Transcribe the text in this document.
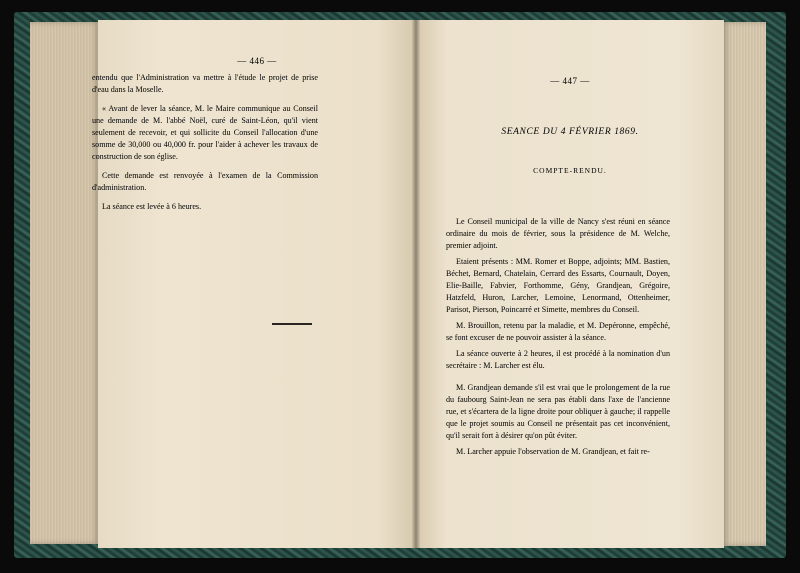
— 446 —

entendu que l'Administration va mettre à l'étude le projet de prise d'eau dans la Moselle.

« Avant de lever la séance, M. le Maire communique au Conseil une demande de M. l'abbé Noël, curé de Saint-Léon, qu'il vient seulement de recevoir, et qui sollicite du Conseil l'allocation d'une somme de 30,000 ou 40,000 fr. pour l'aider à achever les travaux de construction de son église.

Cette demande est renvoyée à l'examen de la Commission d'administration.

La séance est levée à 6 heures.

— 447 —
SEANCE DU 4 FÉVRIER 1869.
COMPTE-RENDU.

Le Conseil municipal de la ville de Nancy s'est réuni en séance ordinaire du mois de février, sous la présidence de M. Welche, premier adjoint.

Etaient présents : MM. Romer et Boppe, adjoints; MM. Bastien, Béchet, Bernard, Chatelain, Cerrard des Essarts, Cournault, Doyen, Elie-Baille, Fabvier, Forthomme, Gény, Grandjean, Grégoire, Hatzfeld, Huron, Larcher, Lemoine, Lenormand, Ottenheimer, Parisot, Pierson, Poincarré et Simette, membres du Conseil.

M. Brouillon, retenu par la maladie, et M. Depéronne, empêché, se font excuser de ne pouvoir assister à la séance.

La séance ouverte à 2 heures, il est procédé à la nomination d'un secrétaire : M. Larcher est élu.

M. Grandjean demande s'il est vrai que le prolongement de la rue du faubourg Saint-Jean ne sera pas établi dans l'axe de l'ancienne rue, et s'écartera de la ligne droite pour obliquer à gauche; il rappelle que le projet soumis au Conseil ne présentait pas cet inconvénient, qu'il serait fort à désirer qu'on pût éviter.

M. Larcher appuie l'observation de M. Grandjean, et fait re-
